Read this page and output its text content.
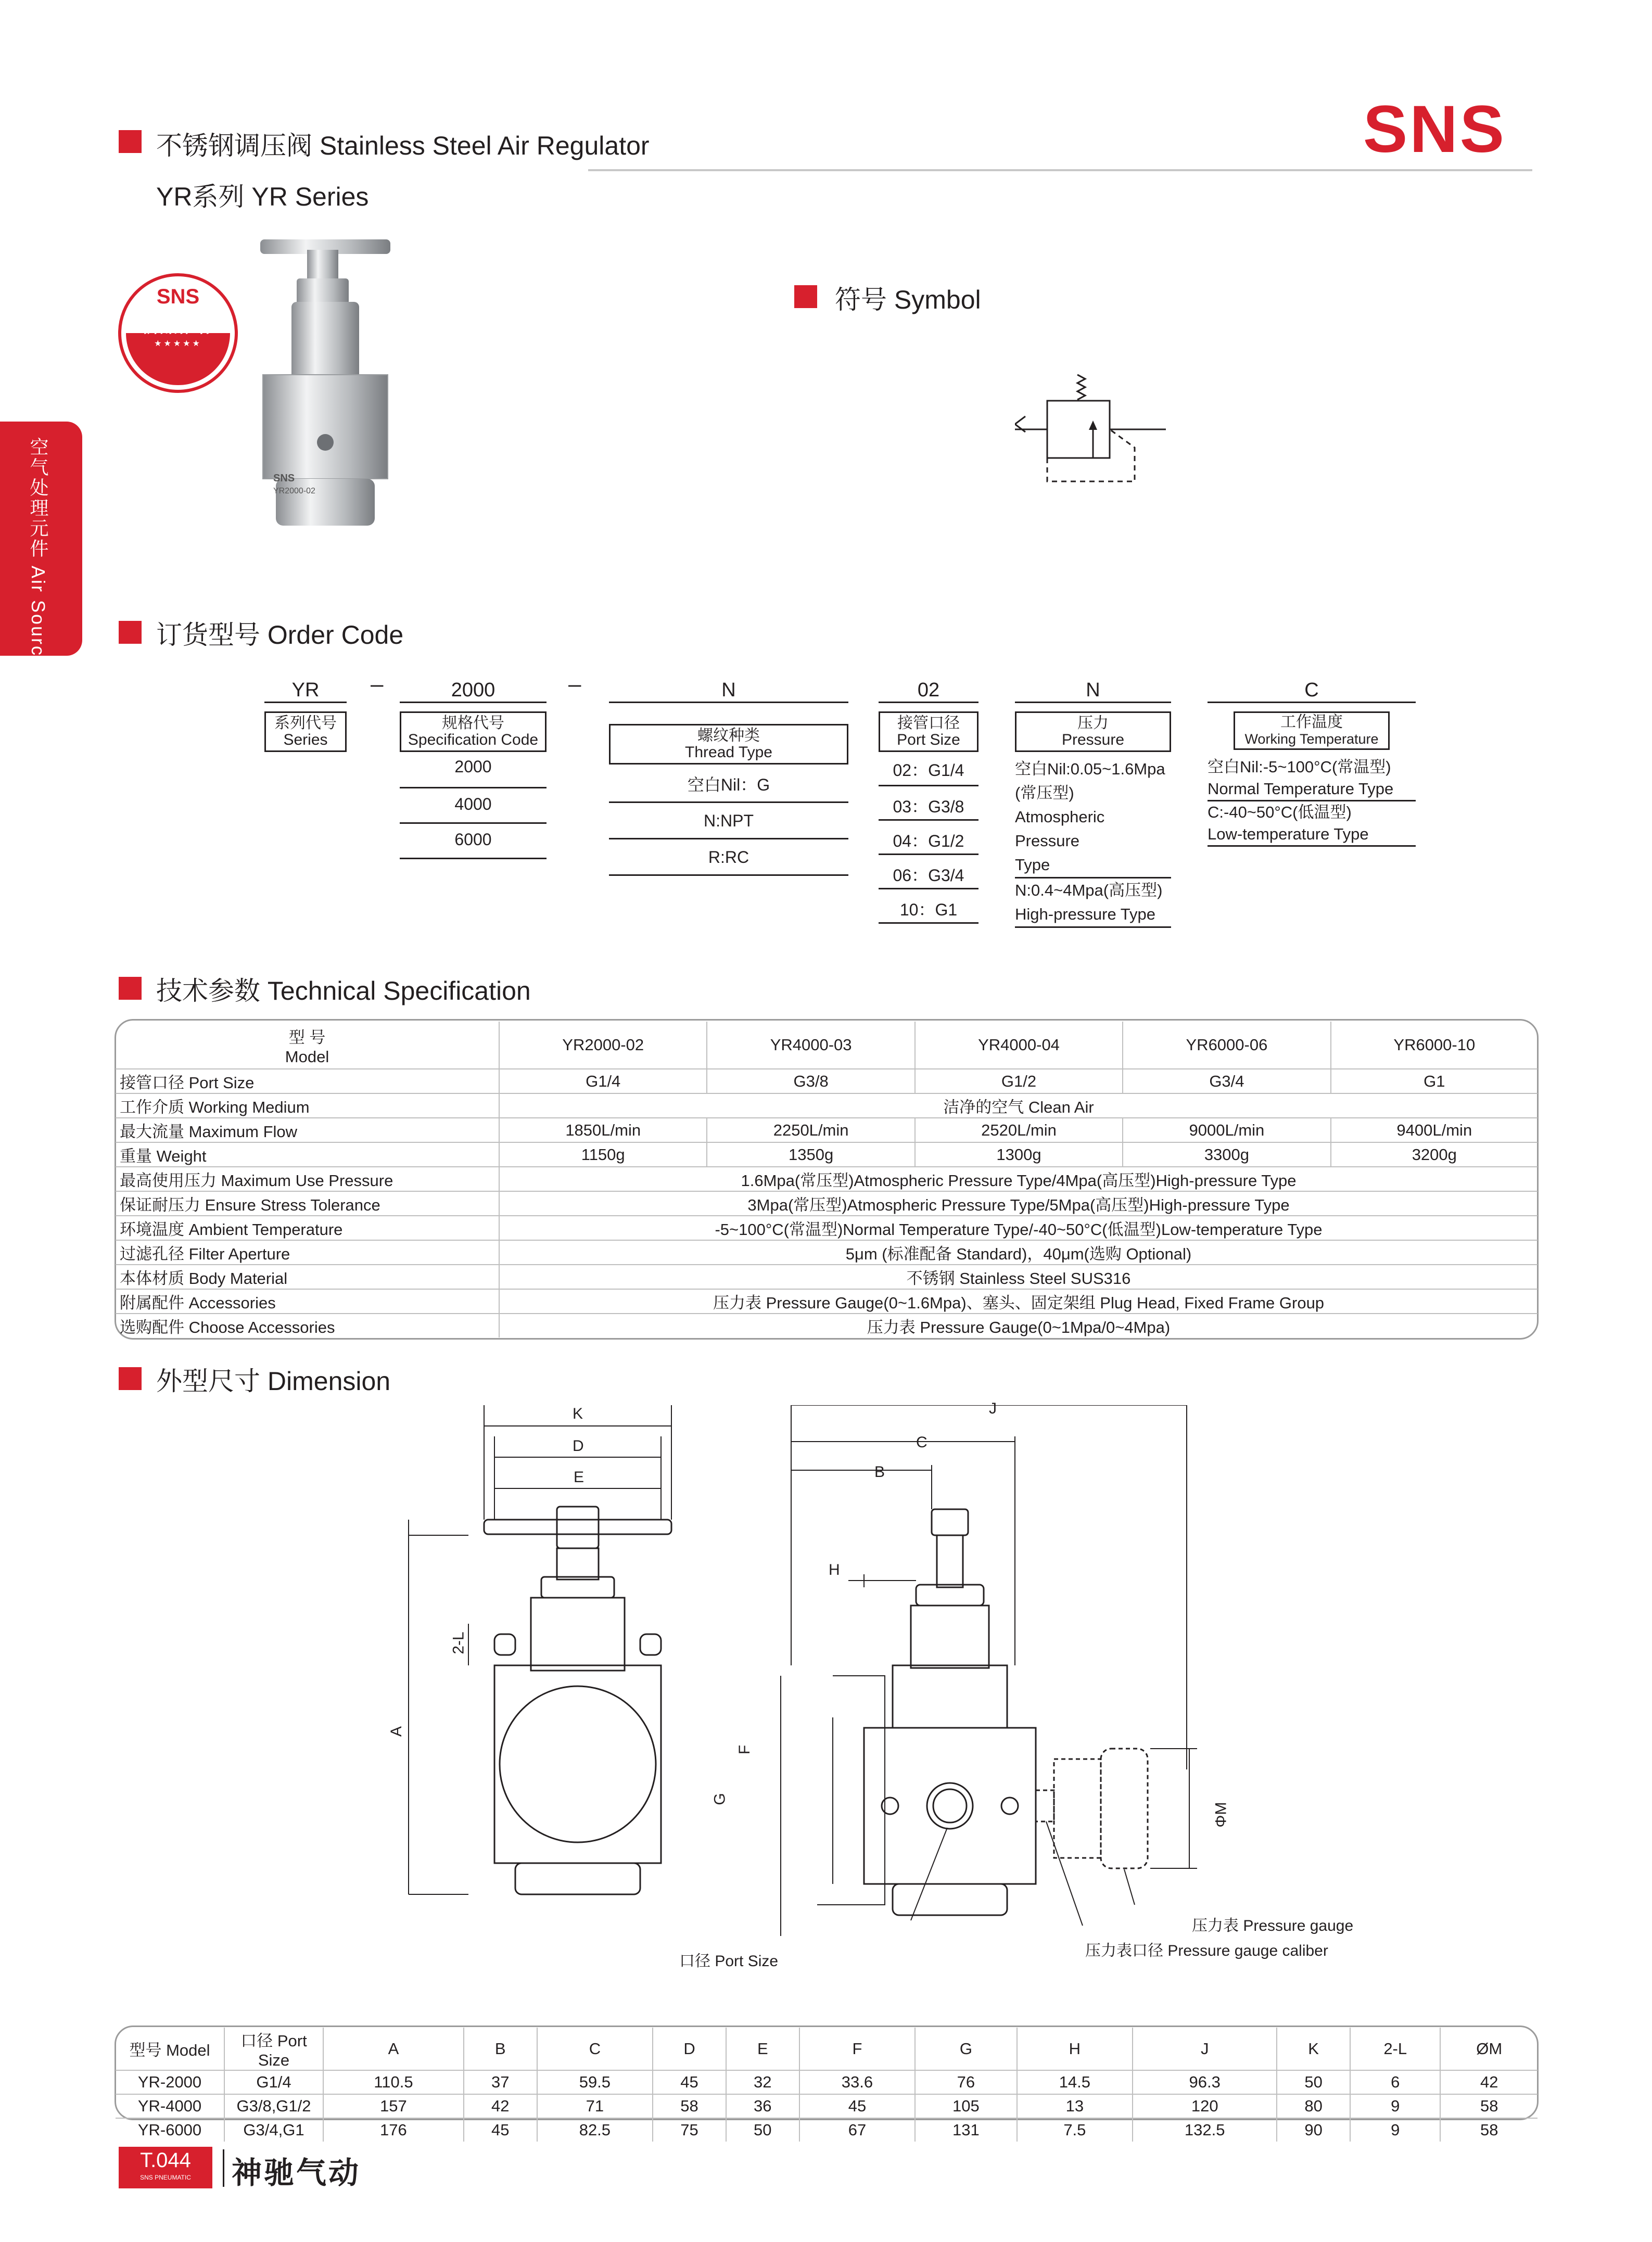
不锈钢调压阀 Stainless Steel Air Regulator
YR系列 YR Series
SNS
空气处理元件 Air Source Treatment
SNS
新品推荐
★★★★★
SNS
YR2000-02
符号 Symbol
订货型号 Order Code
YR
系列代号
Series
–	2000
规格代号
Specification Code
2000
4000
6000
–	N
螺纹种类
Thread Type
空白Nil：G
N:NPT
R:RC
02
接管口径
Port Size
02：G1/4
03：G3/8
04：G1/2
06：G3/4
10：G1
N
压力
Pressure
空白Nil:0.05~1.6Mpa
(常压型)
Atmospheric Pressure
Type
N:0.4~4Mpa(高压型)
High-pressure Type
C
工作温度
Working Temperature
空白Nil:-5~100°C(常温型)
Normal Temperature Type
C:-40~50°C(低温型)
Low-temperature Type
技术参数 Technical Specification
型 号
Model	YR2000-02	YR4000-03	YR4000-04	YR6000-06	YR6000-10
接管口径 Port Size	G1/4	G3/8	G1/2	G3/4	G1
工作介质 Working Medium	洁净的空气 Clean Air				
最大流量 Maximum Flow	1850L/min	2250L/min	2520L/min	9000L/min	9400L/min
重量 Weight	1150g	1350g	1300g	3300g	3200g
最高使用压力 Maximum Use Pressure	1.6Mpa(常压型)Atmospheric Pressure Type/4Mpa(高压型)High-pressure Type				
保证耐压力 Ensure Stress Tolerance	3Mpa(常压型)Atmospheric Pressure Type/5Mpa(高压型)High-pressure Type				
环境温度 Ambient Temperature	-5~100°C(常温型)Normal Temperature Type/-40~50°C(低温型)Low-temperature Type				
过滤孔径 Filter Aperture	5μm (标准配备 Standard)，40μm(选购 Optional)				
本体材质 Body Material	不锈钢 Stainless Steel SUS316				
附属配件 Accessories	压力表 Pressure Gauge(0~1.6Mpa)、塞头、固定架组 Plug Head, Fixed Frame Group				
选购配件 Choose Accessories	压力表 Pressure Gauge(0~1Mpa/0~4Mpa)				
外型尺寸 Dimension
K
D
E
A
2-L
J
C
B
H
F
G
ΦM
压力表 Pressure gauge
压力表口径 Pressure gauge caliber
口径 Port Size
型号 Model	口径 Port Size	A	B	C	D	E	F	G	H	J	K	2-L	ØM
YR-2000	G1/4	110.5	37	59.5	45	32	33.6	76	14.5	96.3	50	6	42
YR-4000	G3/8,G1/2	157	42	71	58	36	45	105	13	120	80	9	58
YR-6000	G3/4,G1	176	45	82.5	75	50	67	131	7.5	132.5	90	9	58
T.044
SNS PNEUMATIC	神驰气动
